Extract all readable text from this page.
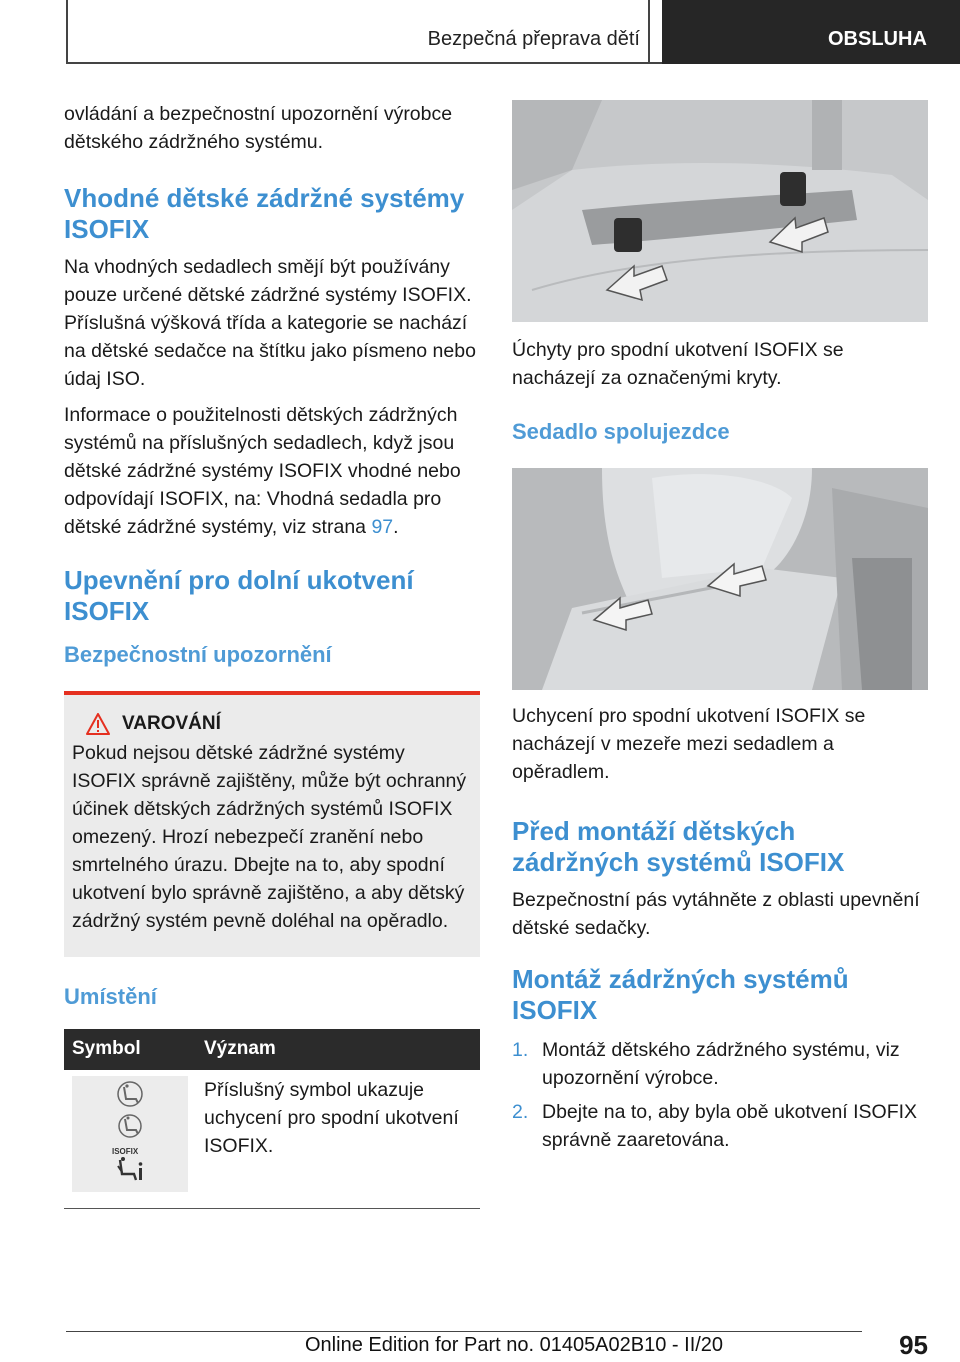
Bezpečná přeprava dětí	OBSLUHA

ovládání a bezpečnostní upozornění výrobce dětského zádržného systému.

Vhodné dětské zádržné systémy ISOFIX

Na vhodných sedadlech smějí být používány pouze určené dětské zádržné systémy ISOFIX. Příslušná výšková třída a kategorie se nachází na dětské sedačce na štítku jako písmeno nebo údaj ISO.

Informace o použitelnosti dětských zádržných systémů na příslušných sedadlech, když jsou dětské zádržné systémy ISOFIX vhodné nebo odpovídají ISOFIX, na: Vhodná sedadla pro dětské zádržné systémy, viz strana 97.

Upevnění pro dolní ukotvení ISOFIX
Bezpečnostní upozornění
VAROVÁNÍ

Pokud nejsou dětské zádržné systémy ISOFIX správně zajištěny, může být ochranný účinek dětských zádržných systémů ISOFIX omezený. Hrozí nebezpečí zranění nebo smrtelného úrazu. Dbejte na to, aby spodní ukotvení bylo správně zajištěno, a aby dětský zádržný systém pevně doléhal na opěradlo.

Umístění
Symbol	Význam

ISOFIX	Příslušný symbol ukazuje uchycení pro spodní ukotvení ISOFIX.

Úchyty pro spodní ukotvení ISOFIX se nacházejí za označenými kryty.

Sedadlo spolujezdce

Uchycení pro spodní ukotvení ISOFIX se nacházejí v mezeře mezi sedadlem a opěradlem.

Před montáží dětských zádržných systémů ISOFIX

Bezpečnostní pás vytáhněte z oblasti upevnění dětské sedačky.

Montáž zádržných systémů ISOFIX
1. Montáž dětského zádržného systému, viz upozornění výrobce.
2. Dbejte na to, aby byla obě ukotvení ISOFIX správně zaaretována.
95
Online Edition for Part no. 01405A02B10 - II/20
